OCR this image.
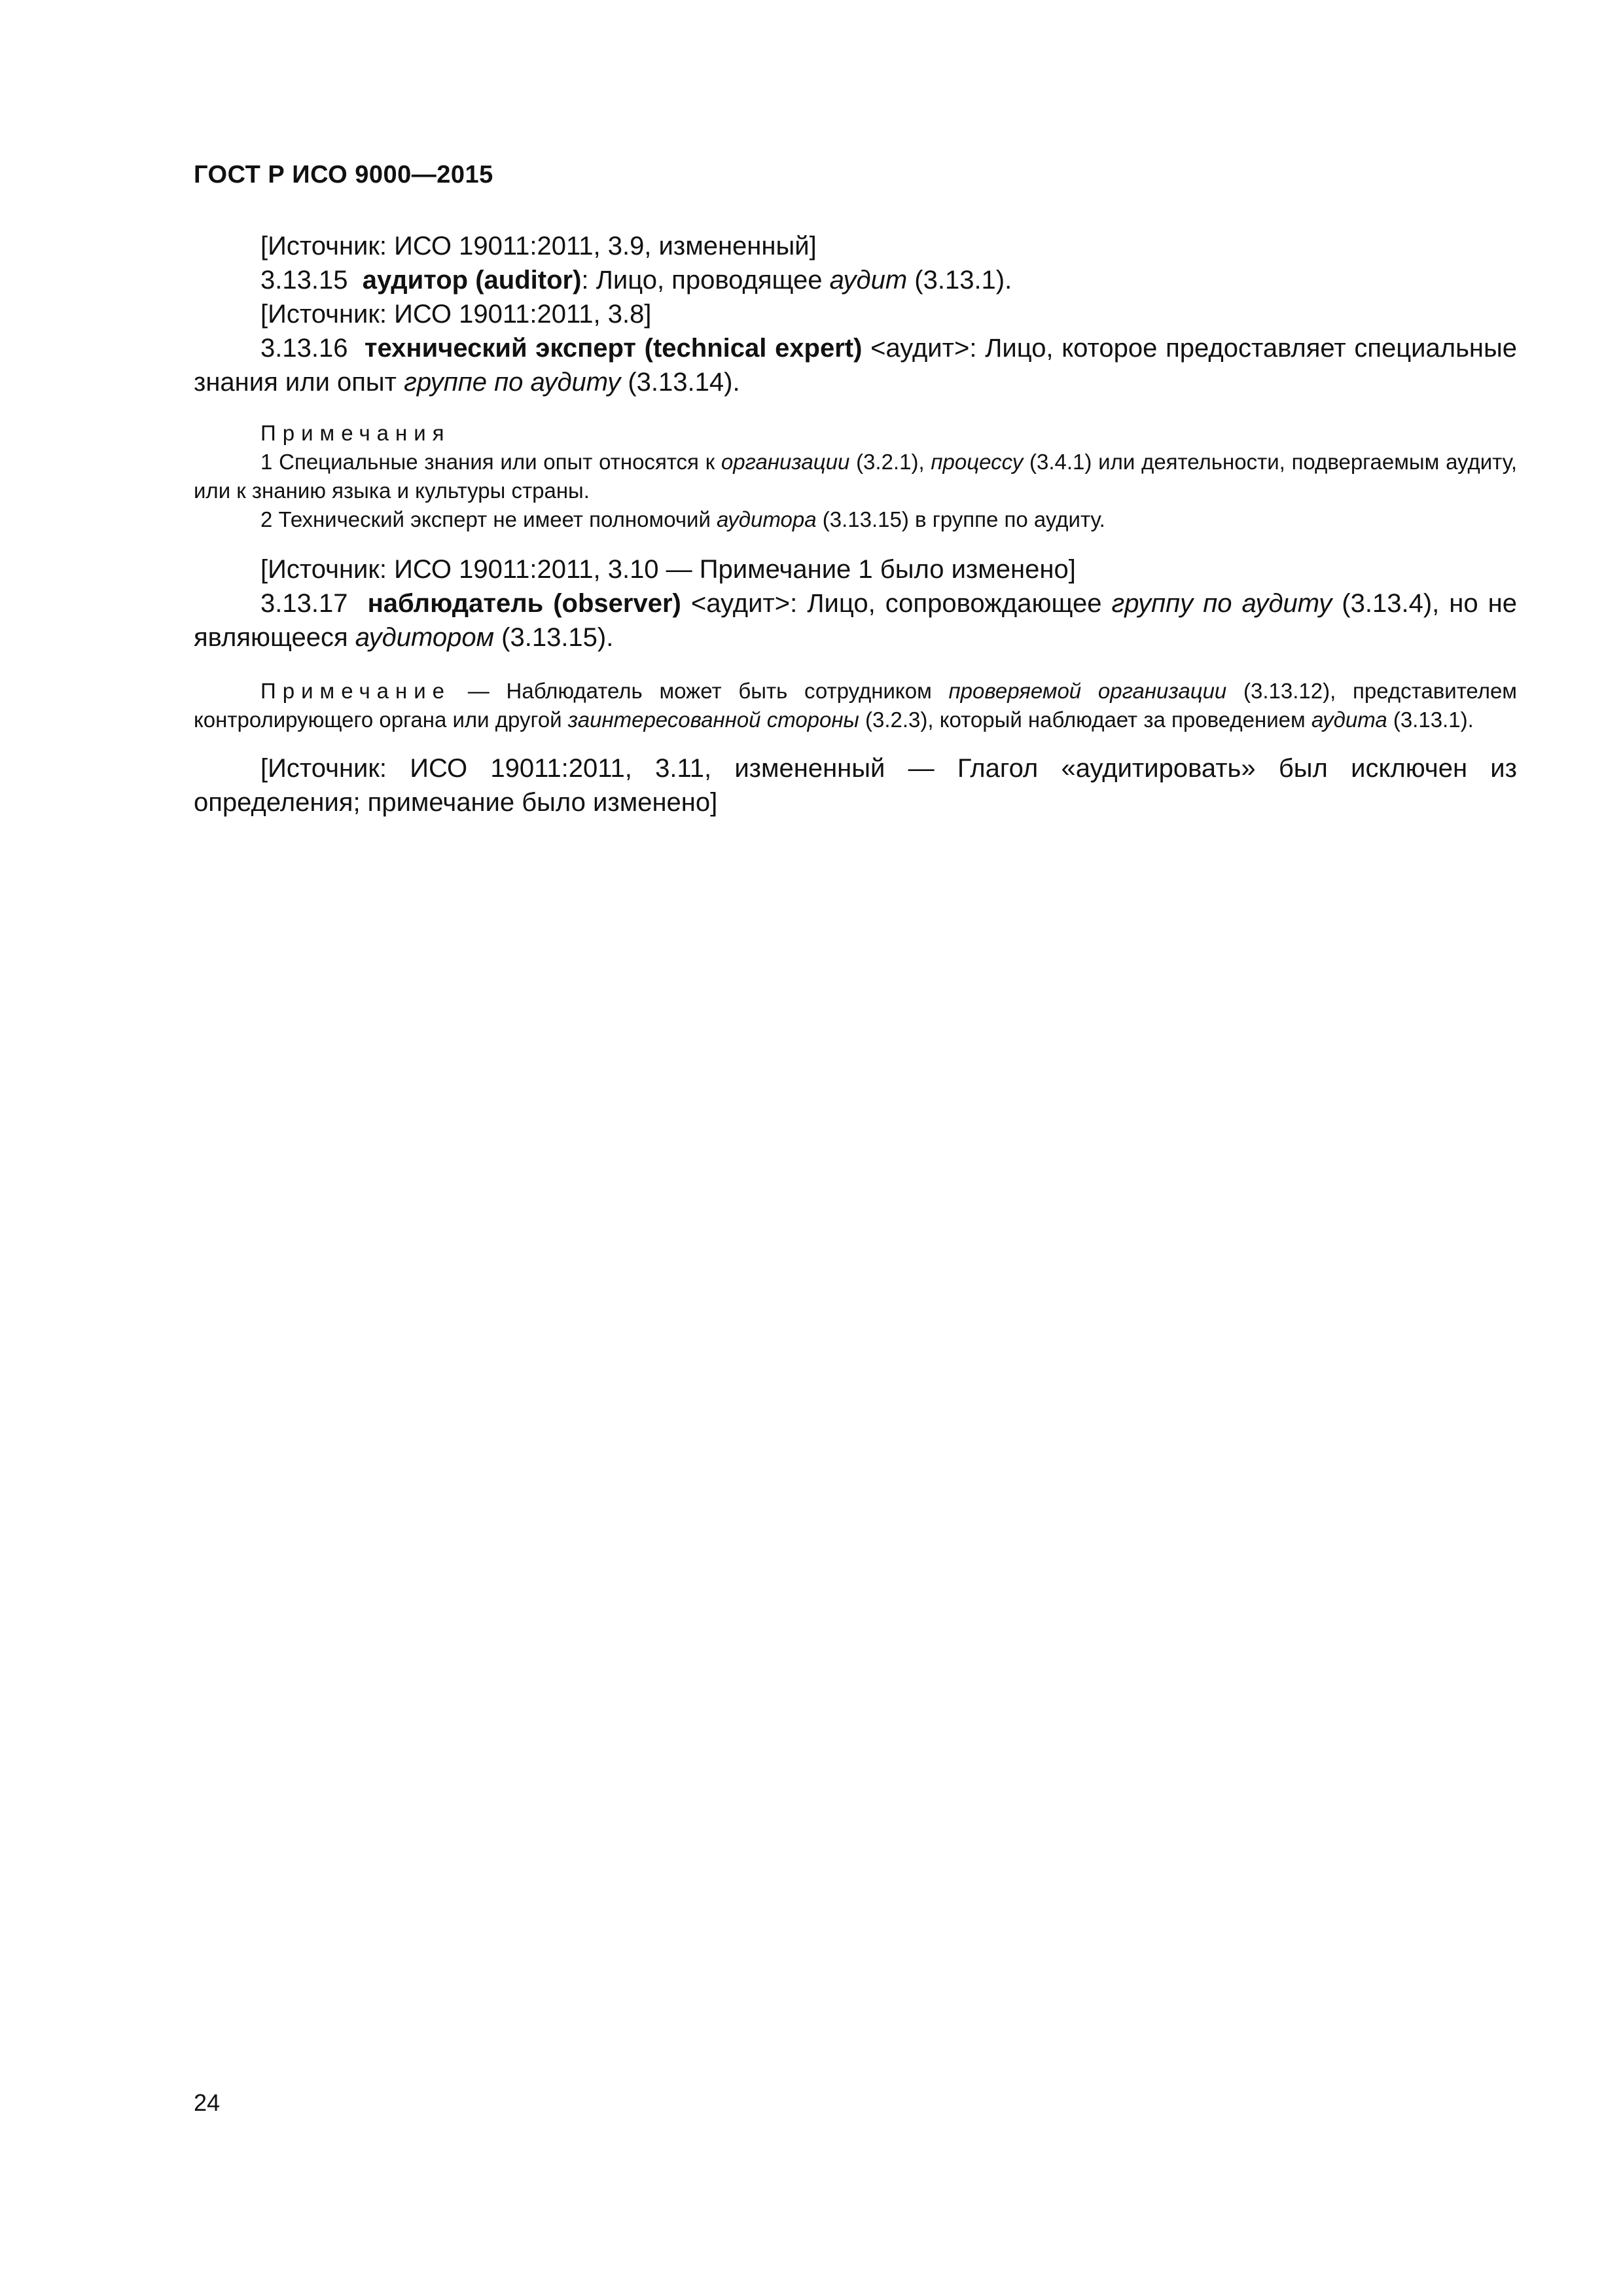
ГОСТ Р ИСО 9000—2015

[Источник: ИСО 19011:2011, 3.9, измененный]

3.13.15 аудитор (auditor): Лицо, проводящее аудит (3.13.1).

[Источник: ИСО 19011:2011, 3.8]

3.13.16 технический эксперт (technical expert) <аудит>: Лицо, которое предоставляет специальные знания или опыт группе по аудиту (3.13.14).

Примечания

1 Специальные знания или опыт относятся к организации (3.2.1), процессу (3.4.1) или деятельности, подвергаемым аудиту, или к знанию языка и культуры страны.

2 Технический эксперт не имеет полномочий аудитора (3.13.15) в группе по аудиту.

[Источник: ИСО 19011:2011, 3.10 — Примечание 1 было изменено]

3.13.17 наблюдатель (observer) <аудит>: Лицо, сопровождающее группу по аудиту (3.13.4), но не являющееся аудитором (3.13.15).

Примечание — Наблюдатель может быть сотрудником проверяемой организации (3.13.12), представителем контролирующего органа или другой заинтересованной стороны (3.2.3), который наблюдает за проведением аудита (3.13.1).

[Источник: ИСО 19011:2011, 3.11, измененный — Глагол «аудитировать» был исключен из определения; примечание было изменено]

24
